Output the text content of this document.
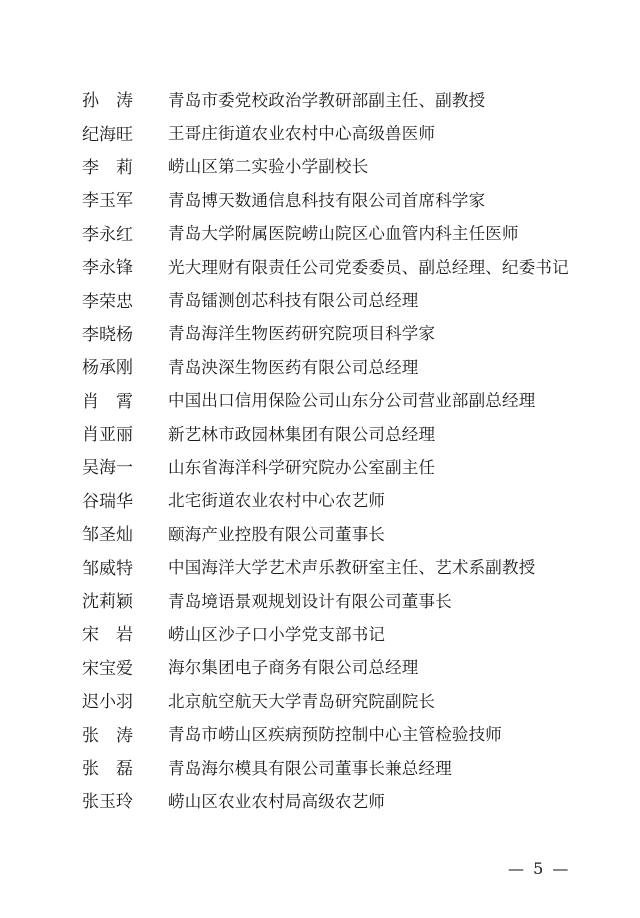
孙　涛	青岛市委党校政治学教研部副主任、副教授
纪海旺	王哥庄街道农业农村中心高级兽医师
李　莉	崂山区第二实验小学副校长
李玉军	青岛博天数通信息科技有限公司首席科学家
李永红	青岛大学附属医院崂山院区心血管内科主任医师
李永锋	光大理财有限责任公司党委委员、副总经理、纪委书记
李荣忠	青岛镭测创芯科技有限公司总经理
李晓杨	青岛海洋生物医药研究院项目科学家
杨承刚	青岛泱深生物医药有限公司总经理
肖　霄	中国出口信用保险公司山东分公司营业部副总经理
肖亚丽	新艺林市政园林集团有限公司总经理
吴海一	山东省海洋科学研究院办公室副主任
谷瑞华	北宅街道农业农村中心农艺师
邹圣灿	颐海产业控股有限公司董事长
邹威特	中国海洋大学艺术声乐教研室主任、艺术系副教授
沈莉颖	青岛境语景观规划设计有限公司董事长
宋　岩	崂山区沙子口小学党支部书记
宋宝爱	海尔集团电子商务有限公司总经理
迟小羽	北京航空航天大学青岛研究院副院长
张　涛	青岛市崂山区疾病预防控制中心主管检验技师
张　磊	青岛海尔模具有限公司董事长兼总经理
张玉玲	崂山区农业农村局高级农艺师
— 5 —
